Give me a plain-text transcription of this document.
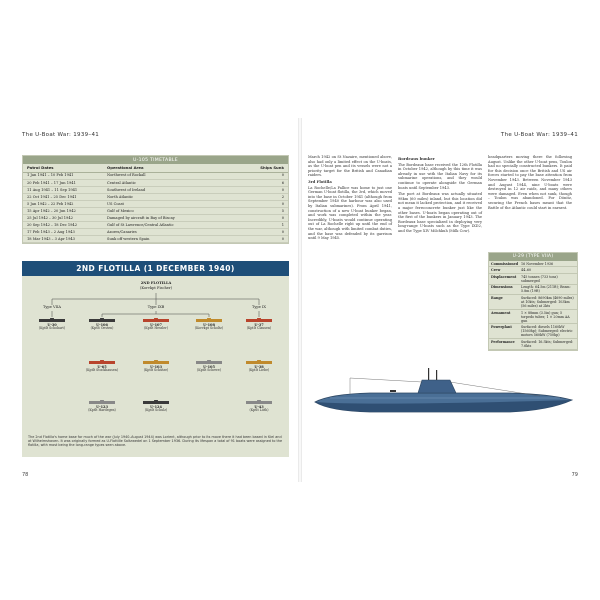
The U-Boat War: 1939–41
U-105 TIMETABLE
Patrol Dates	Operational Area	Ships Sunk
1 Jan 1941 – 10 Feb 1941	Northwest of Rockall	0
20 Feb 1941 – 17 Jun 1941	Central Atlantic	6
11 Aug 1941 – 11 Sep 1941	Southwest of Ireland	0
22 Oct 1941 – 25 Dec 1941	North Atlantic	2
5 Jan 1942 – 22 Feb 1942	US Coast	0
15 Apr 1942 – 20 Jun 1942	Gulf of Mexico	5
25 Jul 1942 – 30 Jul 1942	Damaged by aircraft in Bay of Biscay	0
20 Sep 1942 – 18 Dec 1942	Gulf of St Lawrence/Central Atlantic	1
17 Feb 1943 – 2 Aug 1943	Azores/Canaries	0
18 Mar 1943 – 3 Apr 1943	Sunk off western Spain	0
2ND FLOTILLA (1 DECEMBER 1940)
2ND FLOTILLA
(Korvkpt Fischer)
Type VIIA	Type IXB	Type IX
U-30
(Kptlt Schobart)
U-65
(Kptlt Stockhausen)
U-103
(Kptlt Schütze)
U-105
(Kptlt Schewe)
U-106
(Kptlt Oesten)
U-107
(Kptlt Hessler)
U-108
(Korvkpt Scholtz)
U-123
(Kptlt Hardegen)
U-124
(Kptlt Schulz)
U-37
(Kptlt Clausen)
U-38
(Kptlt Liebe)
U-43
(Kptlt Lüth)
The 2nd Flotilla's home base for much of the war (July 1940–August 1944) was Lorient, although prior to its move there it had been based in Kiel and at Wilhelmshaven. It was originally formed as U-Flottille Saltzwedel on 1 September 1936. During its lifespan a total of 91 boats were assigned to the flotilla, with most being the long-range types seen above.
78
The U-Boat War: 1939–41

March 1942 on St Nazaire, mentioned above, also had only a limited effect on the U-boats, as the U-boat pen and its vessels were not a priority target for the British and Canadian raiders.

3rd Flotilla

La Rochelle/La Pallice was home to just one German U-boat flotilla, the 3rd, which moved into the base in October 1941 (although from September 1940 the harbour was also used by Italian submarines). From April 1941, construction of a new U-boat bunker began, and work was completed within the year. Incredibly, U-boats would continue operating out of La Rochelle right up until the end of the war, although with limited combat duties, and the base was defended by its garrison until 9 May 1945.

Bordeaux bunker

The Bordeaux base received the 12th Flotilla in October 1942, although by this time it was already in use with the Italian Navy for its submarine operations, and they would continue to operate alongside the German boats until September 1943.

The port at Bordeaux was actually situated 98km (60 miles) inland, but this location did not mean it lacked protection, and it received a major ferroconcrete bunker just like the other bases. U-boats began operating out of the first of the bunkers in January 1943. The Bordeaux base specialized in deploying very long-range U-boats such as the Type IXD2, and the Type XIV Milchkuh (Milk Cow).

headquarters moving there the following August. Unlike the other U-boat pens, Toulon had no specially constructed bunkers. It paid for this decision once the British and US air forces started to pay the base attention from November 1943. Between November 1943 and August 1944, nine U-boats were destroyed in 12 air raids, and many others were damaged. Even when not sunk, though – Toulon was abandoned. For Dönitz, securing the French bases meant that the Battle of the Atlantic could start in earnest.

U-29 (TYPE VIIA)
Commissioned 16 November 1936
Crew	44–60
Displacement	745 tonnes (733 tons) submerged
Dimensions	Length: 64.5m (211ft); Beam: 5.8m (19ft)
Range	Surfaced: 8690km (4690 miles) at 10kts; Submerged: 103km (56 miles) at 2kts
Armament	1 × 88mm (3.5in) gun; 5 torpedo tubes; 1 × 20mm AA gun
Powerplant	Surfaced: diesels 1160kW (1560hp); Submerged: electric motors 560kW (750hp)
Performance	Surfaced: 16.5kts; Submerged: 7.6kts
79
